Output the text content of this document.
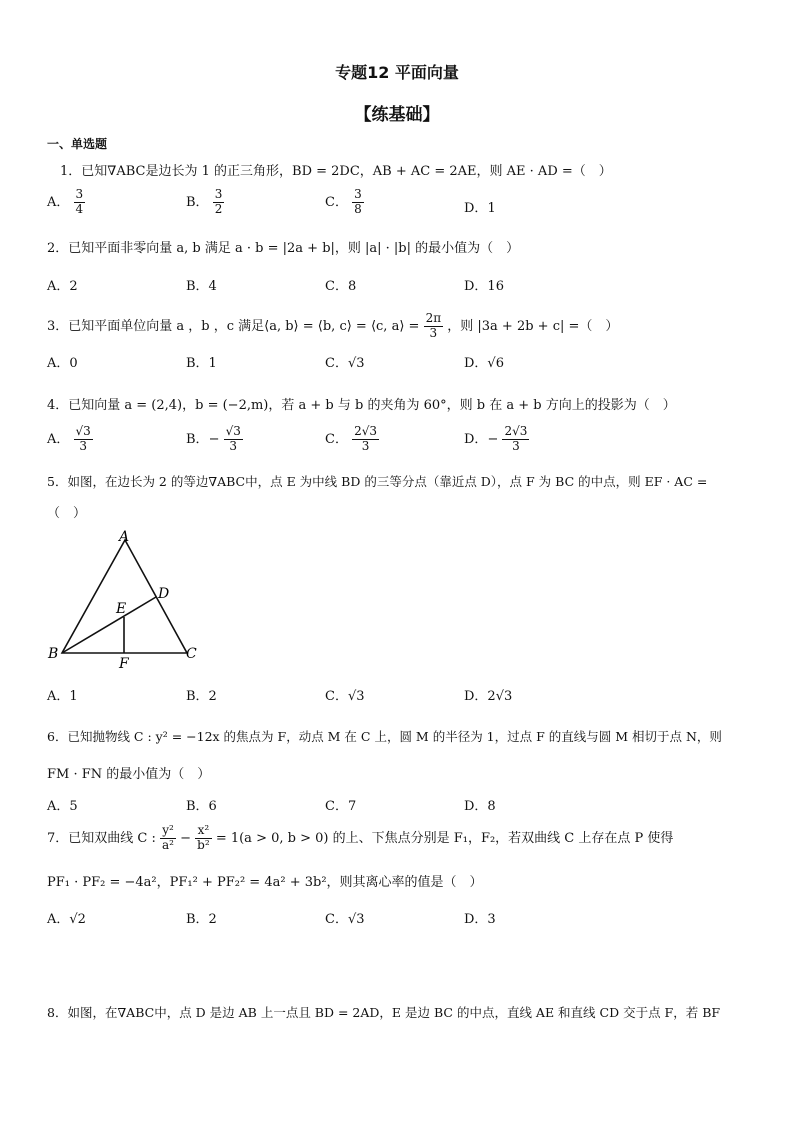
专题12 平面向量
【练基础】
一、单选题
1．已知∇ABC是边长为 1 的正三角形，BD = 2DC，AB + AC = 2AE，则 AE · AD =（　）
A． $\frac{3}{4}$	B． $\frac{3}{2}$	C． $\frac{3}{8}$	D．1
2．已知平面非零向量 a, b 满足 a · b = |2a + b|，则 |a| · |b| 的最小值为（　）
A．2	B．4	C．8	D．16
3．已知平面单位向量 a ，b ，c 满足⟨a, b⟩ = ⟨b, c⟩ = ⟨c, a⟩ = $\frac{2\pi}{3}$ ，则 |3a + 2b + c| =（　）
A．0	B．1	C．√3	D．√6
4．已知向量 a = (2,4)，b = (−2,m)，若 a + b 与 b 的夹角为 60°，则 b 在 a + b 方向上的投影为（　）
A． $\frac{√3}{3}$	B．− $\frac{√3}{3}$	C． $\frac{2√3}{3}$	D．− $\frac{2√3}{3}$
5．如图，在边长为 2 的等边∇ABC中，点 E 为中线 BD 的三等分点（靠近点 D），点 F 为 BC 的中点，则 EF · AC =
（　）
A
B	C
D
E
F
A．1	B．2	C．√3	D．2√3
6．已知抛物线 C : y² = −12x 的焦点为 F，动点 M 在 C 上，圆 M 的半径为 1，过点 F 的直线与圆 M 相切于点 N，则
FM · FN 的最小值为（　）
A．5	B．6	C．7	D．8
7．已知双曲线 C : $\frac{\text{y²}}{\text{a²}} - \frac{\text{x²}}{\text{b²}} = 1(a > 0$, b > 0) 的上、下焦点分别是 F₁，F₂，若双曲线 C 上存在点 P 使得
PF₁ · PF₂ = −4a²，PF₁² + PF₂² = 4a² + 3b²，则其离心率的值是（　）
A．√2	B．2	C．√3	D．3
8．如图，在∇ABC中，点 D 是边 AB 上一点且 BD = 2AD，E 是边 BC 的中点，直线 AE 和直线 CD 交于点 F，若 BF
